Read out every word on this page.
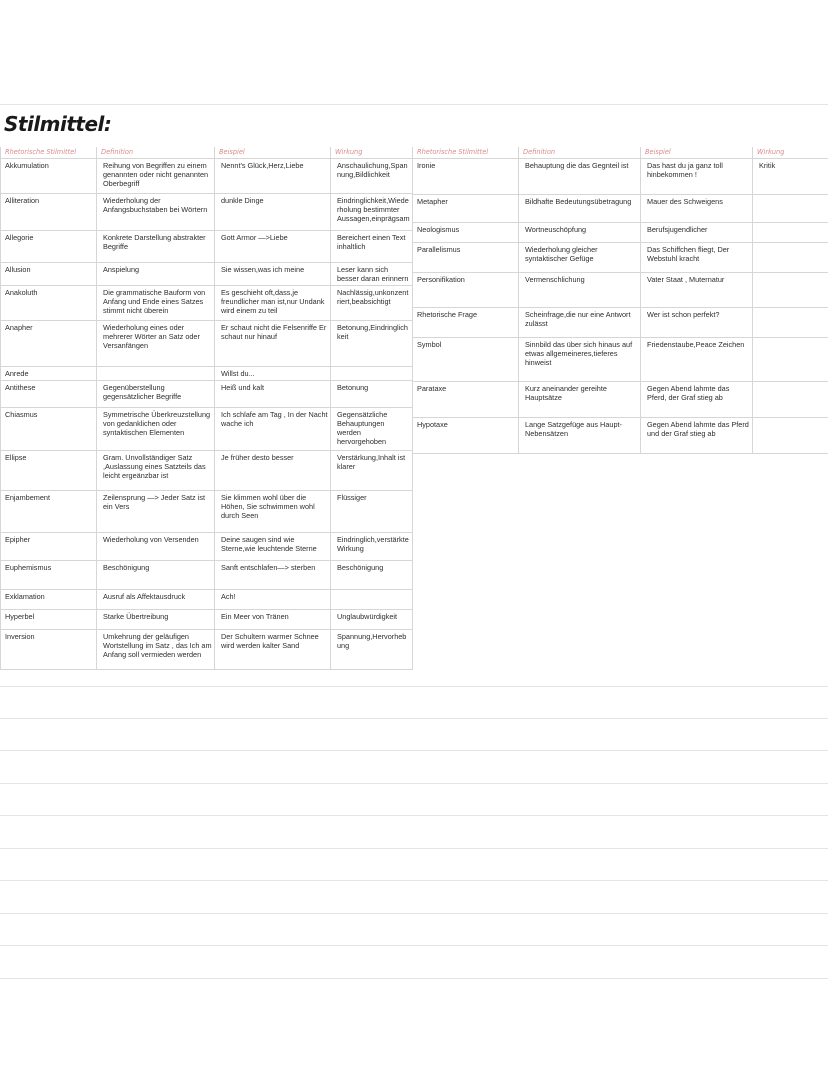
Stilmittel:
Rhetorische Stilmittel	Definition	Beispiel	Wirkung
Akkumulation	Reihung von Begriffen zu einem genannten oder nicht genannten Oberbegriff	Nennt's Glück,Herz,Liebe	Anschaulichung,Spannung,Bildlichkeit
Alliteration	Wiederholung der Anfangsbuchstaben bei Wörtern	dunkle Dinge	Eindringlichkeit,Wiederholung bestimmter Aussagen,einprägsam
Allegorie	Konkrete Darstellung abstrakter Begriffe	Gott Armor —>Liebe	Bereichert einen Text inhaltlich
Allusion	Anspielung	Sie wissen,was ich meine	Leser kann sich besser daran erinnern
Anakoluth	Die grammatische Bauform von Anfang und Ende eines Satzes stimmt nicht überein	Es geschieht oft,dass,je freundlicher man ist,nur Undank wird einem zu teil	Nachlässig,unkonzentriert,beabsichtigt
Anapher	Wiederholung eines oder mehrerer Wörter an Satz oder Versanfängen	Er schaut nicht die Felsenriffe Er schaut nur hinauf	Betonung,Eindringlichkeit
Anrede		Willst du...	
Antithese	Gegenüberstellung gegensätzlicher Begriffe	Heiß und kalt	Betonung
Chiasmus	Symmetrische Überkreuzstellung von gedanklichen oder syntaktischen Elementen	Ich schlafe am Tag , In der Nacht wache ich	Gegensätzliche Behauptungen werden hervorgehoben
Ellipse	Gram. Unvollständiger Satz ,Auslassung eines Satzteils das leicht ergeänzbar ist	Je früher desto besser	Verstärkung,Inhalt ist klarer
Enjambement	Zeilensprung —> Jeder Satz ist ein Vers	Sie klimmen wohl über die Höhen, Sie schwimmen wohl durch Seen	Flüssiger
Epipher	Wiederholung von Versenden	Deine saugen sind wie Sterne,wie leuchtende Sterne	Eindringlich,verstärkte Wirkung
Euphemismus	Beschönigung	Sanft entschlafen—> sterben	Beschönigung
Exklamation	Ausruf als Affektausdruck	Ach!	
Hyperbel	Starke Übertreibung	Ein Meer von Tränen	Unglaubwürdigkeit
Inversion	Umkehrung der geläufigen Wortstellung im Satz , das Ich am Anfang soll vermieden werden	Der Schultern warmer Schnee wird werden kalter Sand	Spannung,Hervorhebung
Rhetorische Stilmittel	Definition	Beispiel	Wirkung
Ironie	Behauptung die das Gegnteil ist	Das hast du ja ganz toll hinbekommen !	Kritik
Metapher	Bildhafte Bedeutungsübetragung	Mauer des Schweigens	
Neologismus	Wortneuschöpfung	Berufsjugendlicher	
Parallelismus	Wiederholung gleicher syntaktischer Gefüge	Das Schiffchen fliegt, Der Webstuhl kracht	
Personifikation	Vermenschlichung	Vater Staat , Muternatur	
Rhetorische Frage	Scheinfrage,die nur eine Antwort zulässt	Wer ist schon perfekt?	
Symbol	Sinnbild das über sich hinaus auf etwas allgemeineres,tieferes hinweist	Friedenstaube,Peace Zeichen	
Parataxe	Kurz aneinander gereihte Hauptsätze	Gegen Abend lahmte das Pferd, der Graf stieg ab	
Hypotaxe	Lange Satzgefüge aus Haupt-Nebensätzen	Gegen Abend lahmte das Pferd und der Graf stieg ab	
